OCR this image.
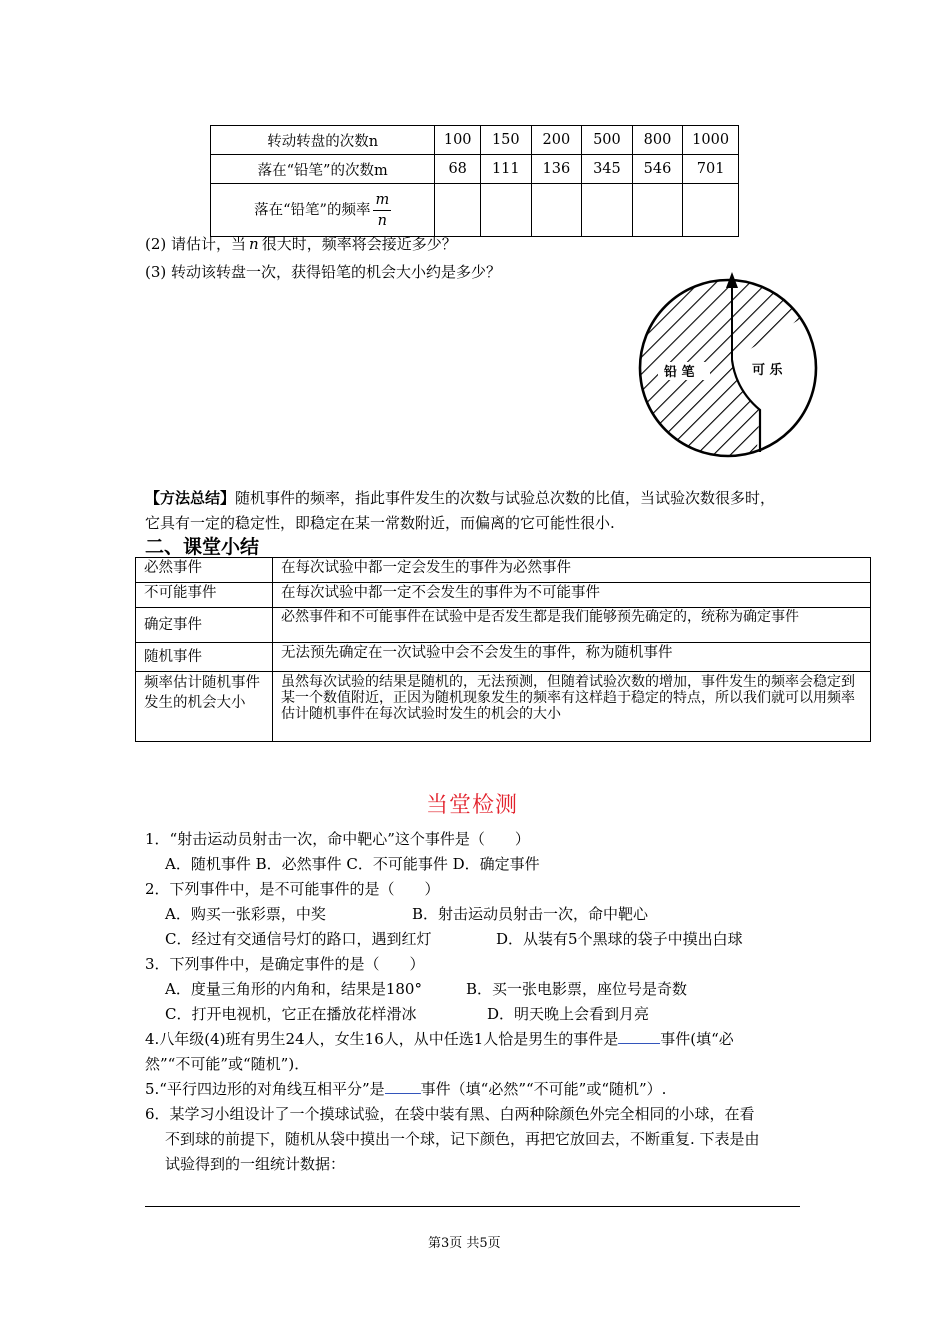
转动转盘的次数n	100	150	200	500	800	1000
落在“铅笔”的次数m	68	111	136	345	546	701
落在“铅笔”的频率 $\frac{m}{n}$

(2) 请估计，当 n 很大时，频率将会接近多少？
(3) 转动该转盘一次，获得铅笔的机会大小约是多少？
铅 笔	可 乐
【方法总结】随机事件的频率，指此事件发生的次数与试验总次数的比值，当试验次数很多时，
它具有一定的稳定性，即稳定在某一常数附近，而偏离的它可能性很小.
二、课堂小结
必然事件	在每次试验中都一定会发生的事件为必然事件
不可能事件	在每次试验中都一定不会发生的事件为不可能事件
确定事件	必然事件和不可能事件在试验中是否发生都是我们能够预先确定的，统称为确定事件
随机事件	无法预先确定在一次试验中会不会发生的事件，称为随机事件
频率估计随机事件发生的机会大小	虽然每次试验的结果是随机的，无法预测，但随着试验次数的增加，事件发生的频率会稳定到某一个数值附近，正因为随机现象发生的频率有这样趋于稳定的特点，所以我们就可以用频率估计随机事件在每次试验时发生的机会的大小
当堂检测
1．“射击运动员射击一次，命中靶心”这个事件是（　　）
A．随机事件 B．必然事件 C．不可能事件 D．确定事件
2．下列事件中，是不可能事件的是（　　）
A．购买一张彩票，中奖	B．射击运动员射击一次，命中靶心
C．经过有交通信号灯的路口，遇到红灯	D．从装有5个黑球的袋子中摸出白球
3．下列事件中，是确定事件的是（　　）
A．度量三角形的内角和，结果是180°	B．买一张电影票，座位号是奇数
C．打开电视机，它正在播放花样滑冰	D．明天晚上会看到月亮
4.八年级(4)班有男生24人，女生16人，从中任选1人恰是男生的事件是	事件(填“必
然”“不可能”或“随机”)．
5.“平行四边形的对角线互相平分”是 事件（填“必然”“不可能”或“随机”）.
6．某学习小组设计了一个摸球试验，在袋中装有黑、白两种除颜色外完全相同的小球，在看
不到球的前提下，随机从袋中摸出一个球，记下颜色，再把它放回去，不断重复. 下表是由
试验得到的一组统计数据：
第3页 共5页
